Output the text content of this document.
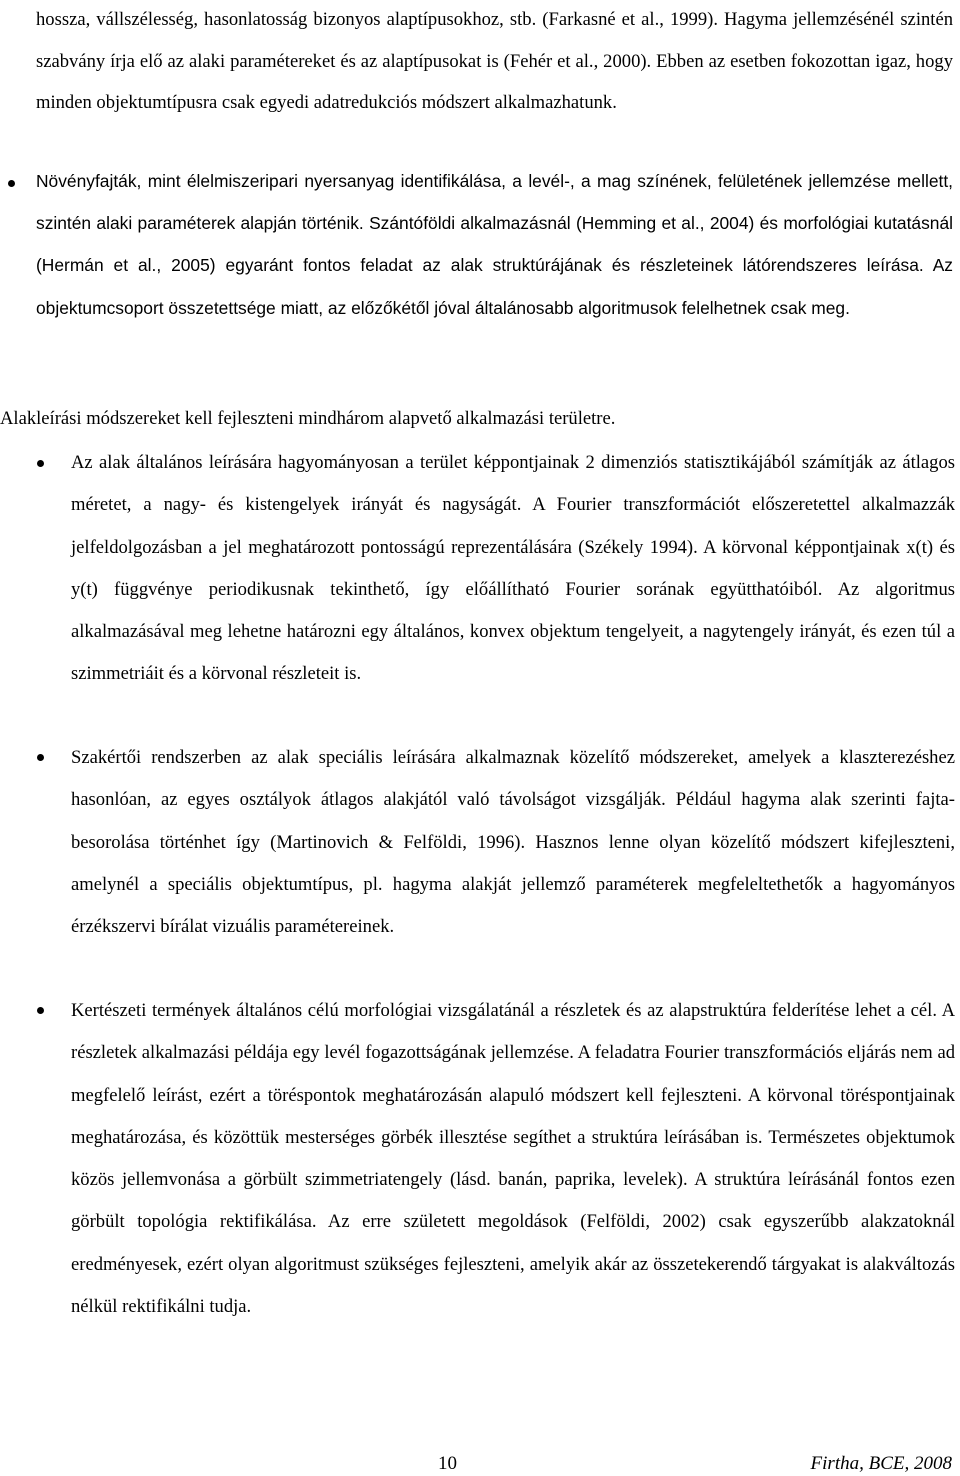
hossza, vállszélesség, hasonlatosság bizonyos alaptípusokhoz, stb. (Farkasné et al., 1999). Hagyma jellemzésénél szintén szabvány írja elő az alaki paramétereket és az alaptípusokat is (Fehér et al., 2000). Ebben az esetben fokozottan igaz, hogy minden objektumtípusra csak egyedi adatredukciós módszert alkalmazhatunk.

Növényfajták, mint élelmiszeripari nyersanyag identifikálása, a levél-, a mag színének, felületének jellemzése mellett, szintén alaki paraméterek alapján történik. Szántóföldi alkalmazásnál (Hemming et al., 2004) és morfológiai kutatásnál (Hermán et al., 2005) egyaránt fontos feladat az alak struktúrájának és részleteinek látórendszeres leírása. Az objektumcsoport összetettsége miatt, az előzőkétől jóval általánosabb algoritmusok felelhetnek csak meg.

Alakleírási módszereket kell fejleszteni mindhárom alapvető alkalmazási területre.

Az alak általános leírására hagyományosan a terület képpontjainak 2 dimenziós statisztikájából számítják az átlagos méretet, a nagy- és kistengelyek irányát és nagyságát. A Fourier transzformációt előszeretettel alkalmazzák jelfeldolgozásban a jel meghatározott pontosságú reprezentálására (Székely 1994). A körvonal képpontjainak x(t) és y(t) függvénye periodikusnak tekinthető, így előállítható Fourier sorának együtthatóiból. Az algoritmus alkalmazásával meg lehetne határozni egy általános, konvex objektum tengelyeit, a nagytengely irányát, és ezen túl a szimmetriáit és a körvonal részleteit is.

Szakértői rendszerben az alak speciális leírására alkalmaznak közelítő módszereket, amelyek a klaszterezéshez hasonlóan, az egyes osztályok átlagos alakjától való távolságot vizsgálják. Például hagyma alak szerinti fajta-besorolása történhet így (Martinovich & Felföldi, 1996). Hasznos lenne olyan közelítő módszert kifejleszteni, amelynél a speciális objektumtípus, pl. hagyma alakját jellemző paraméterek megfeleltethetők a hagyományos érzékszervi bírálat vizuális paramétereinek.

Kertészeti termények általános célú morfológiai vizsgálatánál a részletek és az alapstruktúra felderítése lehet a cél. A részletek alkalmazási példája egy levél fogazottságának jellemzése. A feladatra Fourier transzformációs eljárás nem ad megfelelő leírást, ezért a töréspontok meghatározásán alapuló módszert kell fejleszteni. A körvonal töréspontjainak meghatározása, és közöttük mesterséges görbék illesztése segíthet a struktúra leírásában is. Természetes objektumok közös jellemvonása a görbült szimmetriatengely (lásd. banán, paprika, levelek). A struktúra leírásánál fontos ezen görbült topológia rektifikálása. Az erre született megoldások (Felföldi, 2002) csak egyszerűbb alakzatoknál eredményesek, ezért olyan algoritmust szükséges fejleszteni, amelyik akár az összetekerendő tárgyakat is alakváltozás nélkül rektifikálni tudja.

10	Firtha, BCE, 2008
